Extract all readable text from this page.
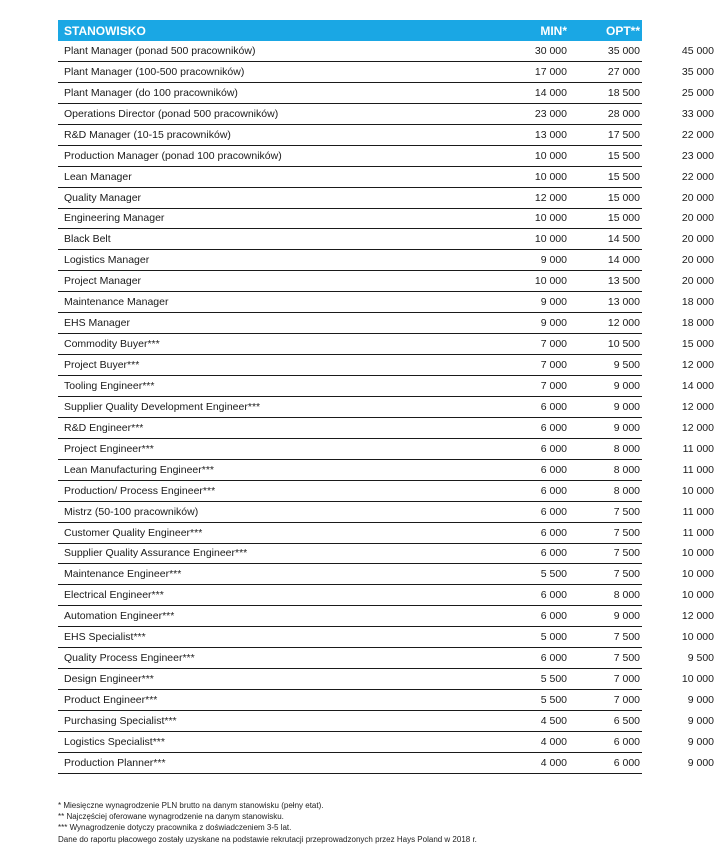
STANOWISKO	MIN*	OPT**	MAX*
Plant Manager (ponad 500 pracowników)	30 000	35 000	45 000
Plant Manager (100-500 pracowników)	17 000	27 000	35 000
Plant Manager (do 100 pracowników)	14 000	18 500	25 000
Operations Director (ponad 500 pracowników)	23 000	28 000	33 000
R&D Manager (10-15 pracowników)	13 000	17 500	22 000
Production Manager (ponad 100 pracowników)	10 000	15 500	23 000
Lean Manager	10 000	15 500	22 000
Quality Manager	12 000	15 000	20 000
Engineering Manager	10 000	15 000	20 000
Black Belt	10 000	14 500	20 000
Logistics Manager	9 000	14 000	20 000
Project Manager	10 000	13 500	20 000
Maintenance Manager	9 000	13 000	18 000
EHS Manager	9 000	12 000	18 000
Commodity Buyer***	7 000	10 500	15 000
Project Buyer***	7 000	9 500	12 000
Tooling Engineer***	7 000	9 000	14 000
Supplier Quality Development Engineer***	6 000	9 000	12 000
R&D Engineer***	6 000	9 000	12 000
Project Engineer***	6 000	8 000	11 000
Lean Manufacturing Engineer***	6 000	8 000	11 000
Production/ Process Engineer***	6 000	8 000	10 000
Mistrz (50-100 pracowników)	6 000	7 500	11 000
Customer Quality Engineer***	6 000	7 500	11 000
Supplier Quality Assurance Engineer***	6 000	7 500	10 000
Maintenance Engineer***	5 500	7 500	10 000
Electrical Engineer***	6 000	8 000	10 000
Automation Engineer***	6 000	9 000	12 000
EHS Specialist***	5 000	7 500	10 000
Quality Process Engineer***	6 000	7 500	9 500
Design Engineer***	5 500	7 000	10 000
Product Engineer***	5 500	7 000	9 000
Purchasing Specialist***	4 500	6 500	9 000
Logistics Specialist***	4 000	6 000	9 000
Production Planner***	4 000	6 000	9 000
* Miesięczne wynagrodzenie PLN brutto na danym stanowisku (pełny etat).
** Najczęściej oferowane wynagrodzenie na danym stanowisku.
*** Wynagrodzenie dotyczy pracownika z doświadczeniem 3-5 lat.
Dane do raportu płacowego zostały uzyskane na podstawie rekrutacji przeprowadzonych przez Hays Poland w 2018 r.
